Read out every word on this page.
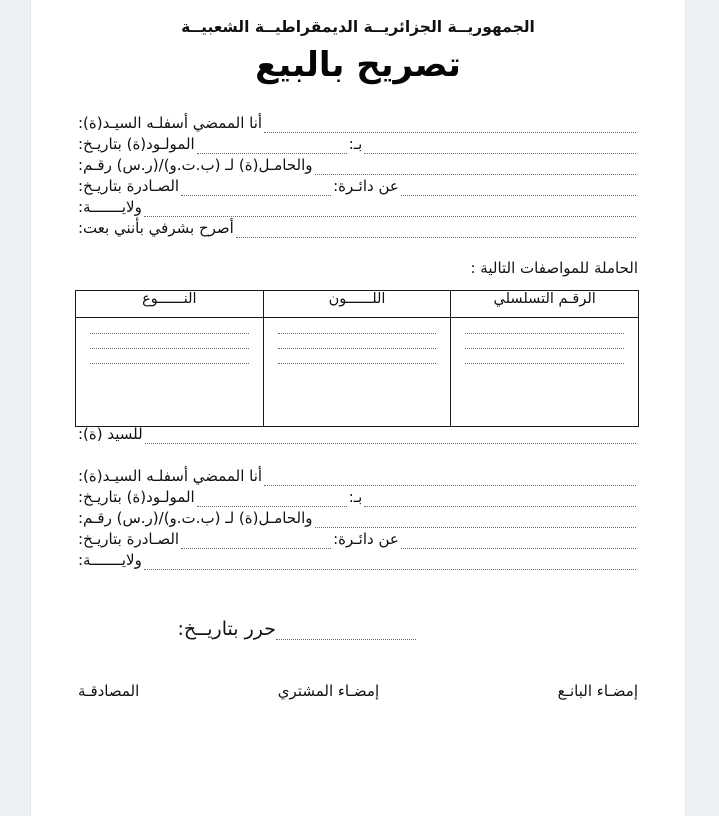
الجمهوريــة الجزائريــة الديمقراطيــة الشعبيــة
تصريح بالبيع
أنا الممضي أسفلـه السيـد(ة):
بـ:
المولـود(ة) بتاريـخ:
والحامـل(ة) لـ (ب.ت.و)/(ر.س) رقـم:
عن دائـرة:
الصـادرة بتاريـخ:
ولايـــــــة:
أصرح بشرفي بأنني بعت:
الحاملة للمواصفات التالية :
الرقـم التسلسلي	اللــــــون	النــــــوع

للسيد (ة):
أنا الممضي أسفلـه السيـد(ة):
بـ:
المولـود(ة) بتاريـخ:
والحامـل(ة) لـ (ب.ت.و)/(ر.س) رقـم:
عن دائـرة:
الصـادرة بتاريـخ:
ولايـــــــة:
حرر بتاريــخ:
إمضـاء البانـع
إمضـاء المشتري
المصادقـة
